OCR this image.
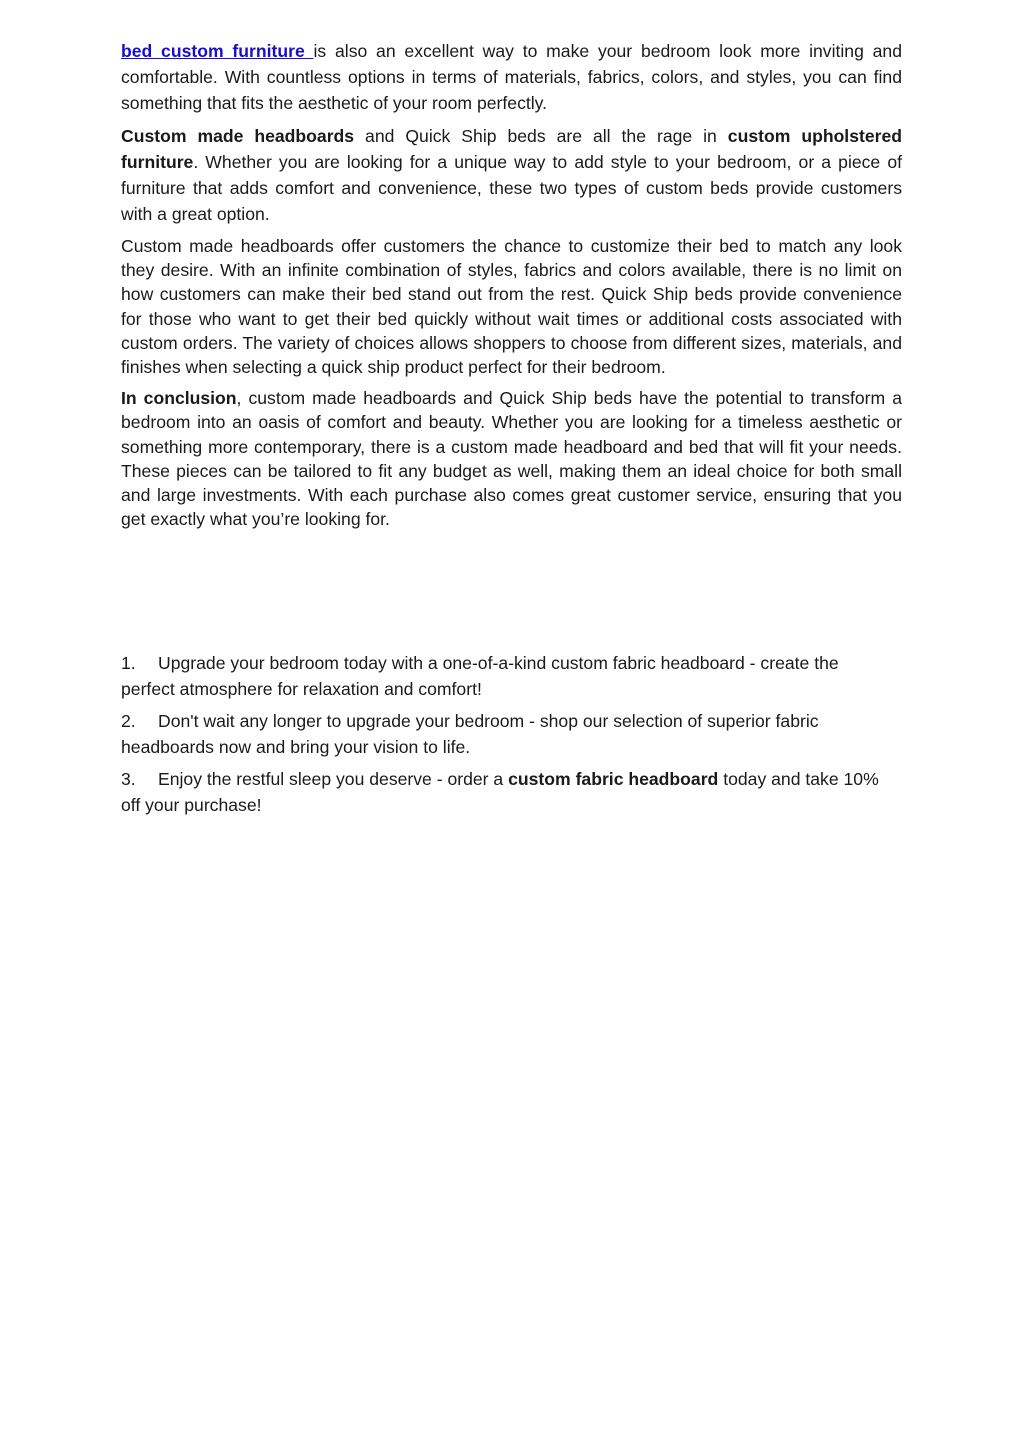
bed custom furniture is also an excellent way to make your bedroom look more inviting and comfortable. With countless options in terms of materials, fabrics, colors, and styles, you can find something that fits the aesthetic of your room perfectly.

Custom made headboards and Quick Ship beds are all the rage in custom upholstered furniture. Whether you are looking for a unique way to add style to your bedroom, or a piece of furniture that adds comfort and convenience, these two types of custom beds provide customers with a great option.

Custom made headboards offer customers the chance to customize their bed to match any look they desire. With an infinite combination of styles, fabrics and colors available, there is no limit on how customers can make their bed stand out from the rest. Quick Ship beds provide convenience for those who want to get their bed quickly without wait times or additional costs associated with custom orders. The variety of choices allows shoppers to choose from different sizes, materials, and finishes when selecting a quick ship product perfect for their bedroom.

In conclusion, custom made headboards and Quick Ship beds have the potential to transform a bedroom into an oasis of comfort and beauty. Whether you are looking for a timeless aesthetic or something more contemporary, there is a custom made headboard and bed that will fit your needs. These pieces can be tailored to fit any budget as well, making them an ideal choice for both small and large investments. With each purchase also comes great customer service, ensuring that you get exactly what you’re looking for.

1. Upgrade your bedroom today with a one-of-a-kind custom fabric headboard - create the perfect atmosphere for relaxation and comfort!

2. Don't wait any longer to upgrade your bedroom - shop our selection of superior fabric headboards now and bring your vision to life.

3. Enjoy the restful sleep you deserve - order a custom fabric headboard today and take 10% off your purchase!
